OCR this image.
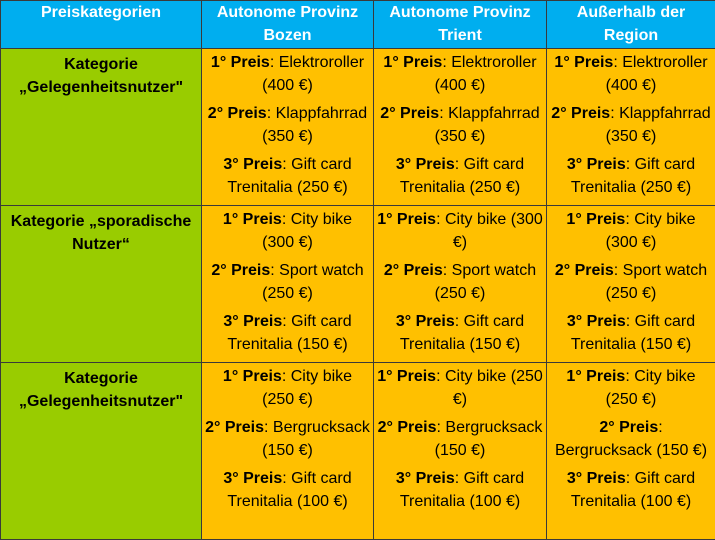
Preiskategorien	Autonome Provinz Bozen	Autonome Provinz Trient	Außerhalb der Region
Kategorie „Gelegenheitsnutzer"	1° Preis: Elektroroller (400 €)
2° Preis: Klappfahrrad (350 €)
3° Preis: Gift card Trenitalia (250 €)	1° Preis: Elektroroller (400 €)
2° Preis: Klappfahrrad (350 €)
3° Preis: Gift card Trenitalia (250 €)	1° Preis: Elektroroller (400 €)
2° Preis: Klappfahrrad (350 €)
3° Preis: Gift card Trenitalia (250 €)

Kategorie „sporadische Nutzer“	1° Preis: City bike (300 €)
2° Preis: Sport watch (250 €)
3° Preis: Gift card Trenitalia (150 €)	1° Preis: City bike (300 €)
2° Preis: Sport watch (250 €)
3° Preis: Gift card Trenitalia (150 €)	1° Preis: City bike (300 €)
2° Preis: Sport watch (250 €)
3° Preis: Gift card Trenitalia (150 €)

Kategorie „Gelegenheitsnutzer"	1° Preis: City bike (250 €)
2° Preis: Bergrucksack (150 €)
3° Preis: Gift card Trenitalia (100 €)	1° Preis: City bike (250 €)
2° Preis: Bergrucksack (150 €)
3° Preis: Gift card Trenitalia (100 €)	1° Preis: City bike (250 €)
2° Preis: Bergrucksack (150 €)
3° Preis: Gift card Trenitalia (100 €)
